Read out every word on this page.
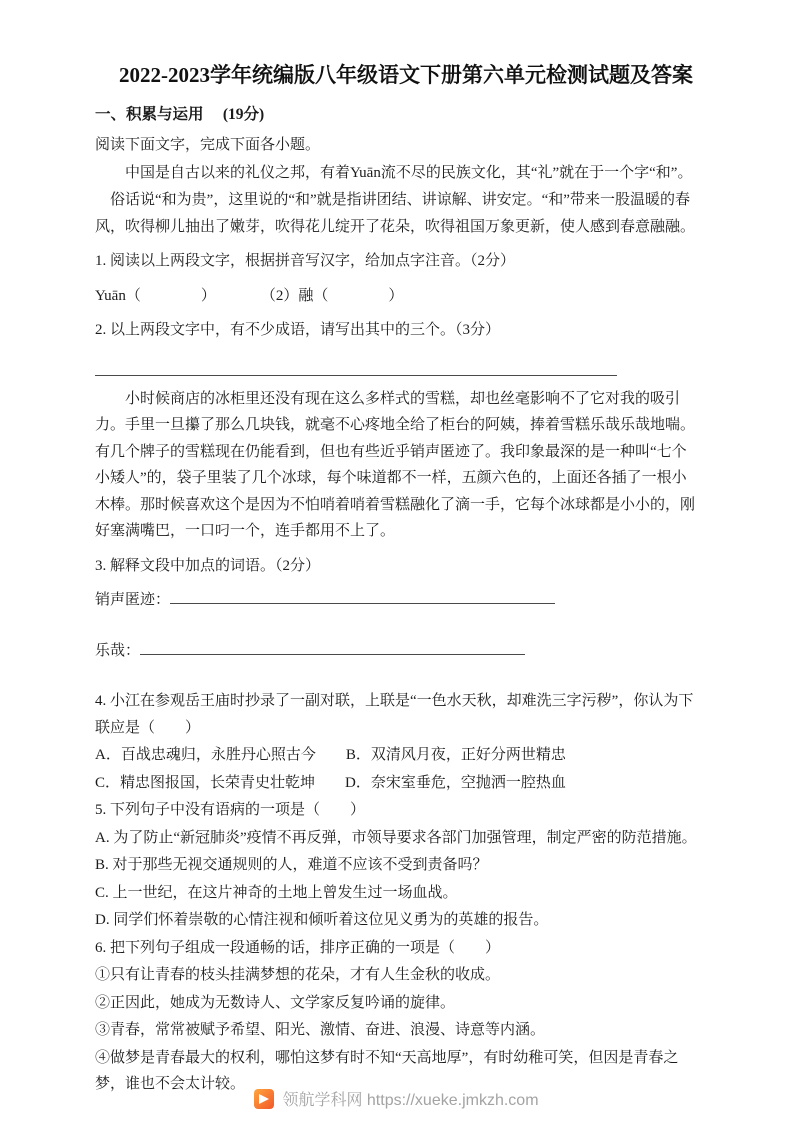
2022-2023学年统编版八年级语文下册第六单元检测试题及答案
一、积累与运用　 (19分)

阅读下面文字，完成下面各小题。

中国是自古以来的礼仪之邦，有着Yuān流不尽的民族文化，其“礼”就在于一个字“和”。

俗话说“和为贵”，这里说的“和”就是指讲团结、讲谅解、讲安定。“和”带来一股温暖的春风，吹得柳儿抽出了嫩芽，吹得花儿绽开了花朵，吹得祖国万象更新，使人感到春意融融。

1. 阅读以上两段文字，根据拼音写汉字，给加点字注音。（2分）

Yuān（　　　　）　　　　（2）融（　　　　）

2. 以上两段文字中，有不少成语，请写出其中的三个。（3分）

小时候商店的冰柜里还没有现在这么多样式的雪糕，却也丝毫影响不了它对我的吸引力。手里一旦攥了那么几块钱，就毫不心疼地全给了柜台的阿姨，捧着雪糕乐哉乐哉地喘。有几个牌子的雪糕现在仍能看到，但也有些近乎销声匿迹了。我印象最深的是一种叫“七个小矮人”的，袋子里装了几个冰球，每个味道都不一样，五颜六色的，上面还各插了一根小木棒。那时候喜欢这个是因为不怕哨着哨着雪糕融化了滴一手，它每个冰球都是小小的，刚好塞满嘴巴，一口叼一个，连手都用不上了。

3. 解释文段中加点的词语。（2分）

销声匿迹：

乐哉：

4. 小江在参观岳王庙时抄录了一副对联，上联是“一色水天秋，却难洗三字污秽”，你认为下联应是（　　）

A．百战忠魂归，永胜丹心照古今　　B．双清风月夜，正好分两世精忠

C．精忠图报国，长荣青史壮乾坤　　D．奈宋室垂危，空抛洒一腔热血

5. 下列句子中没有语病的一项是（　　）

A. 为了防止“新冠肺炎”疫情不再反弹，市领导要求各部门加强管理，制定严密的防范措施。

B. 对于那些无视交通规则的人，难道不应该不受到责备吗？

C. 上一世纪，在这片神奇的土地上曾发生过一场血战。

D. 同学们怀着崇敬的心情注视和倾听着这位见义勇为的英雄的报告。

6. 把下列句子组成一段通畅的话，排序正确的一项是（　　）

①只有让青春的枝头挂满梦想的花朵，才有人生金秋的收成。

②正因此，她成为无数诗人、文学家反复吟诵的旋律。

③青春，常常被赋予希望、阳光、激情、奋进、浪漫、诗意等内涵。

④做梦是青春最大的权利，哪怕这梦有时不知“天高地厚”，有时幼稚可笑，但因是青春之梦，谁也不会太计较。

领航学科网 https://xueke.jmkzh.com
